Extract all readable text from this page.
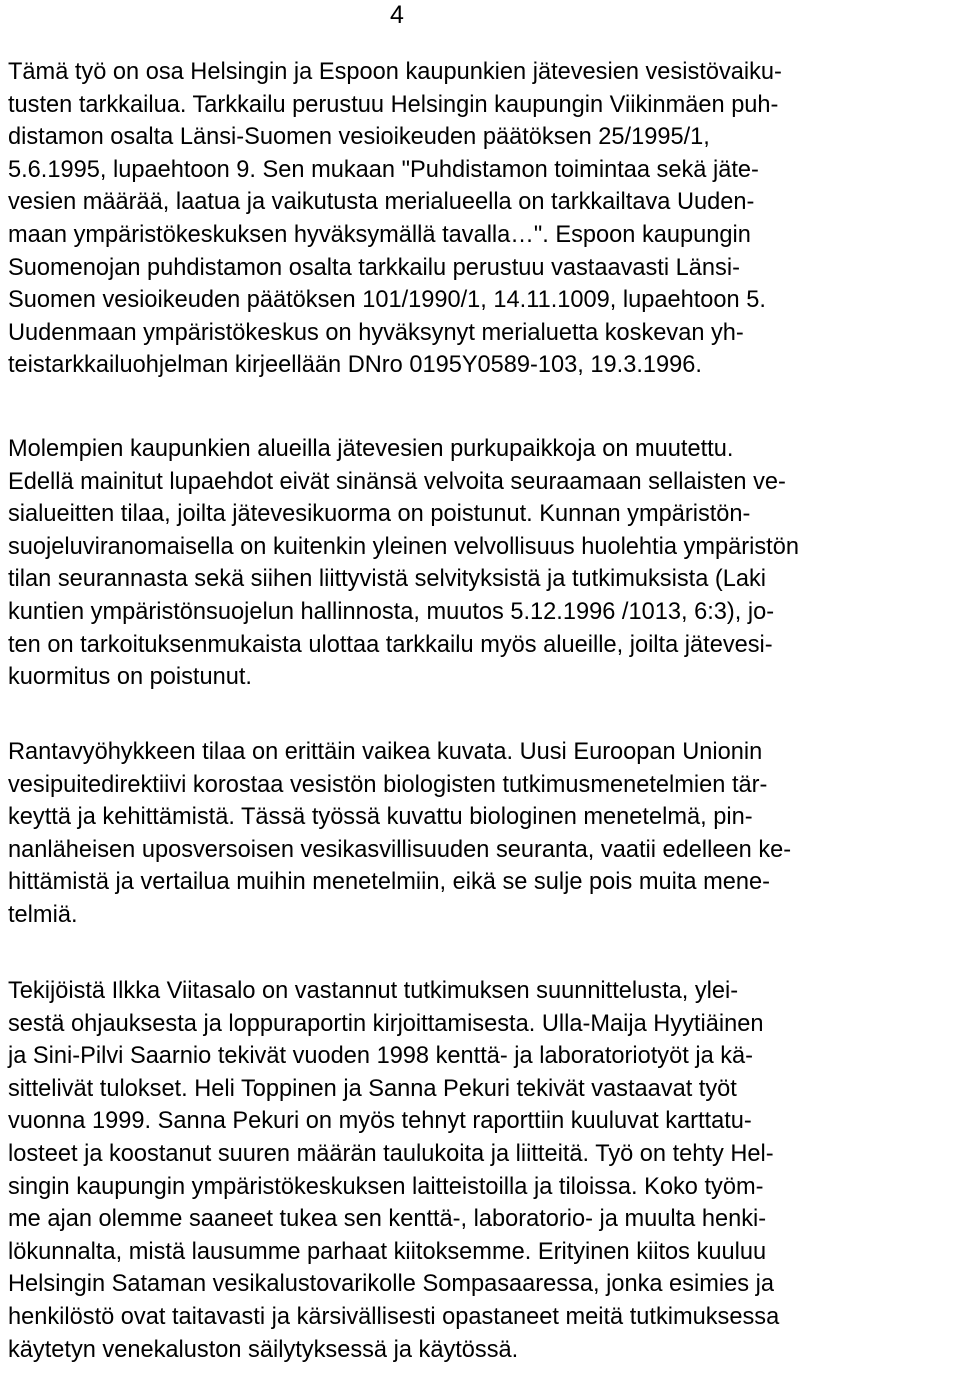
4
Tämä työ on osa Helsingin ja Espoon kaupunkien jätevesien vesistövaiku- tusten tarkkailua. Tarkkailu perustuu Helsingin kaupungin Viikinmäen puh- distamon osalta Länsi-Suomen vesioikeuden päätöksen 25/1995/1, 5.6.1995, lupaehtoon 9. Sen mukaan "Puhdistamon toimintaa sekä jäte- vesien määrää, laatua ja vaikutusta merialueella on tarkkailtava Uuden- maan ympäristökeskuksen hyväksymällä tavalla…". Espoon kaupungin Suomenojan puhdistamon osalta tarkkailu perustuu vastaavasti Länsi- Suomen vesioikeuden päätöksen 101/1990/1, 14.11.1009, lupaehtoon 5. Uudenmaan ympäristökeskus on hyväksynyt merialuetta koskevan yh- teistarkkailuohjelman kirjeellään DNro 0195Y0589-103, 19.3.1996.
Molempien kaupunkien alueilla jätevesien purkupaikkoja on muutettu. Edellä mainitut lupaehdot eivät sinänsä velvoita seuraamaan sellaisten ve- sialueitten tilaa, joilta jätevesikuorma on poistunut. Kunnan ympäristön- suojeluviranomaisella on kuitenkin yleinen velvollisuus huolehtia ympäristön tilan seurannasta sekä siihen liittyvistä selvityksistä ja tutkimuksista (Laki kuntien ympäristönsuojelun hallinnosta, muutos 5.12.1996 /1013, 6:3), jo- ten on tarkoituksenmukaista ulottaa tarkkailu myös alueille, joilta jätevesi- kuormitus on poistunut.
Rantavyöhykkeen tilaa on erittäin vaikea kuvata. Uusi Euroopan Unionin vesipuitedirektiivi korostaa vesistön biologisten tutkimusmenetelmien tär- keyttä ja kehittämistä. Tässä työssä kuvattu biologinen menetelmä, pin- nanläheisen uposversoisen vesikasvillisuuden seuranta, vaatii edelleen ke- hittämistä ja vertailua muihin menetelmiin, eikä se sulje pois muita mene- telmiä.
Tekijöistä Ilkka Viitasalo on vastannut tutkimuksen suunnittelusta, ylei- sestä ohjauksesta ja loppuraportin kirjoittamisesta. Ulla-Maija Hyytiäinen ja Sini-Pilvi Saarnio tekivät vuoden 1998 kenttä- ja laboratoriotyöt ja kä- sittelivät tulokset. Heli Toppinen ja Sanna Pekuri tekivät vastaavat työt vuonna 1999. Sanna Pekuri on myös tehnyt raporttiin kuuluvat karttatu- losteet ja koostanut suuren määrän taulukoita ja liitteitä. Työ on tehty Hel- singin kaupungin ympäristökeskuksen laitteistoilla ja tiloissa. Koko työm- me ajan olemme saaneet tukea sen kenttä-, laboratorio- ja muulta henki- lökunnalta, mistä lausumme parhaat kiitoksemme. Erityinen kiitos kuuluu Helsingin Sataman vesikalustovarikolle Sompasaaressa, jonka esimies ja henkilöstö ovat taitavasti ja kärsivällisesti opastaneet meitä tutkimuksessa käytetyn venekaluston säilytyksessä ja käytössä.
